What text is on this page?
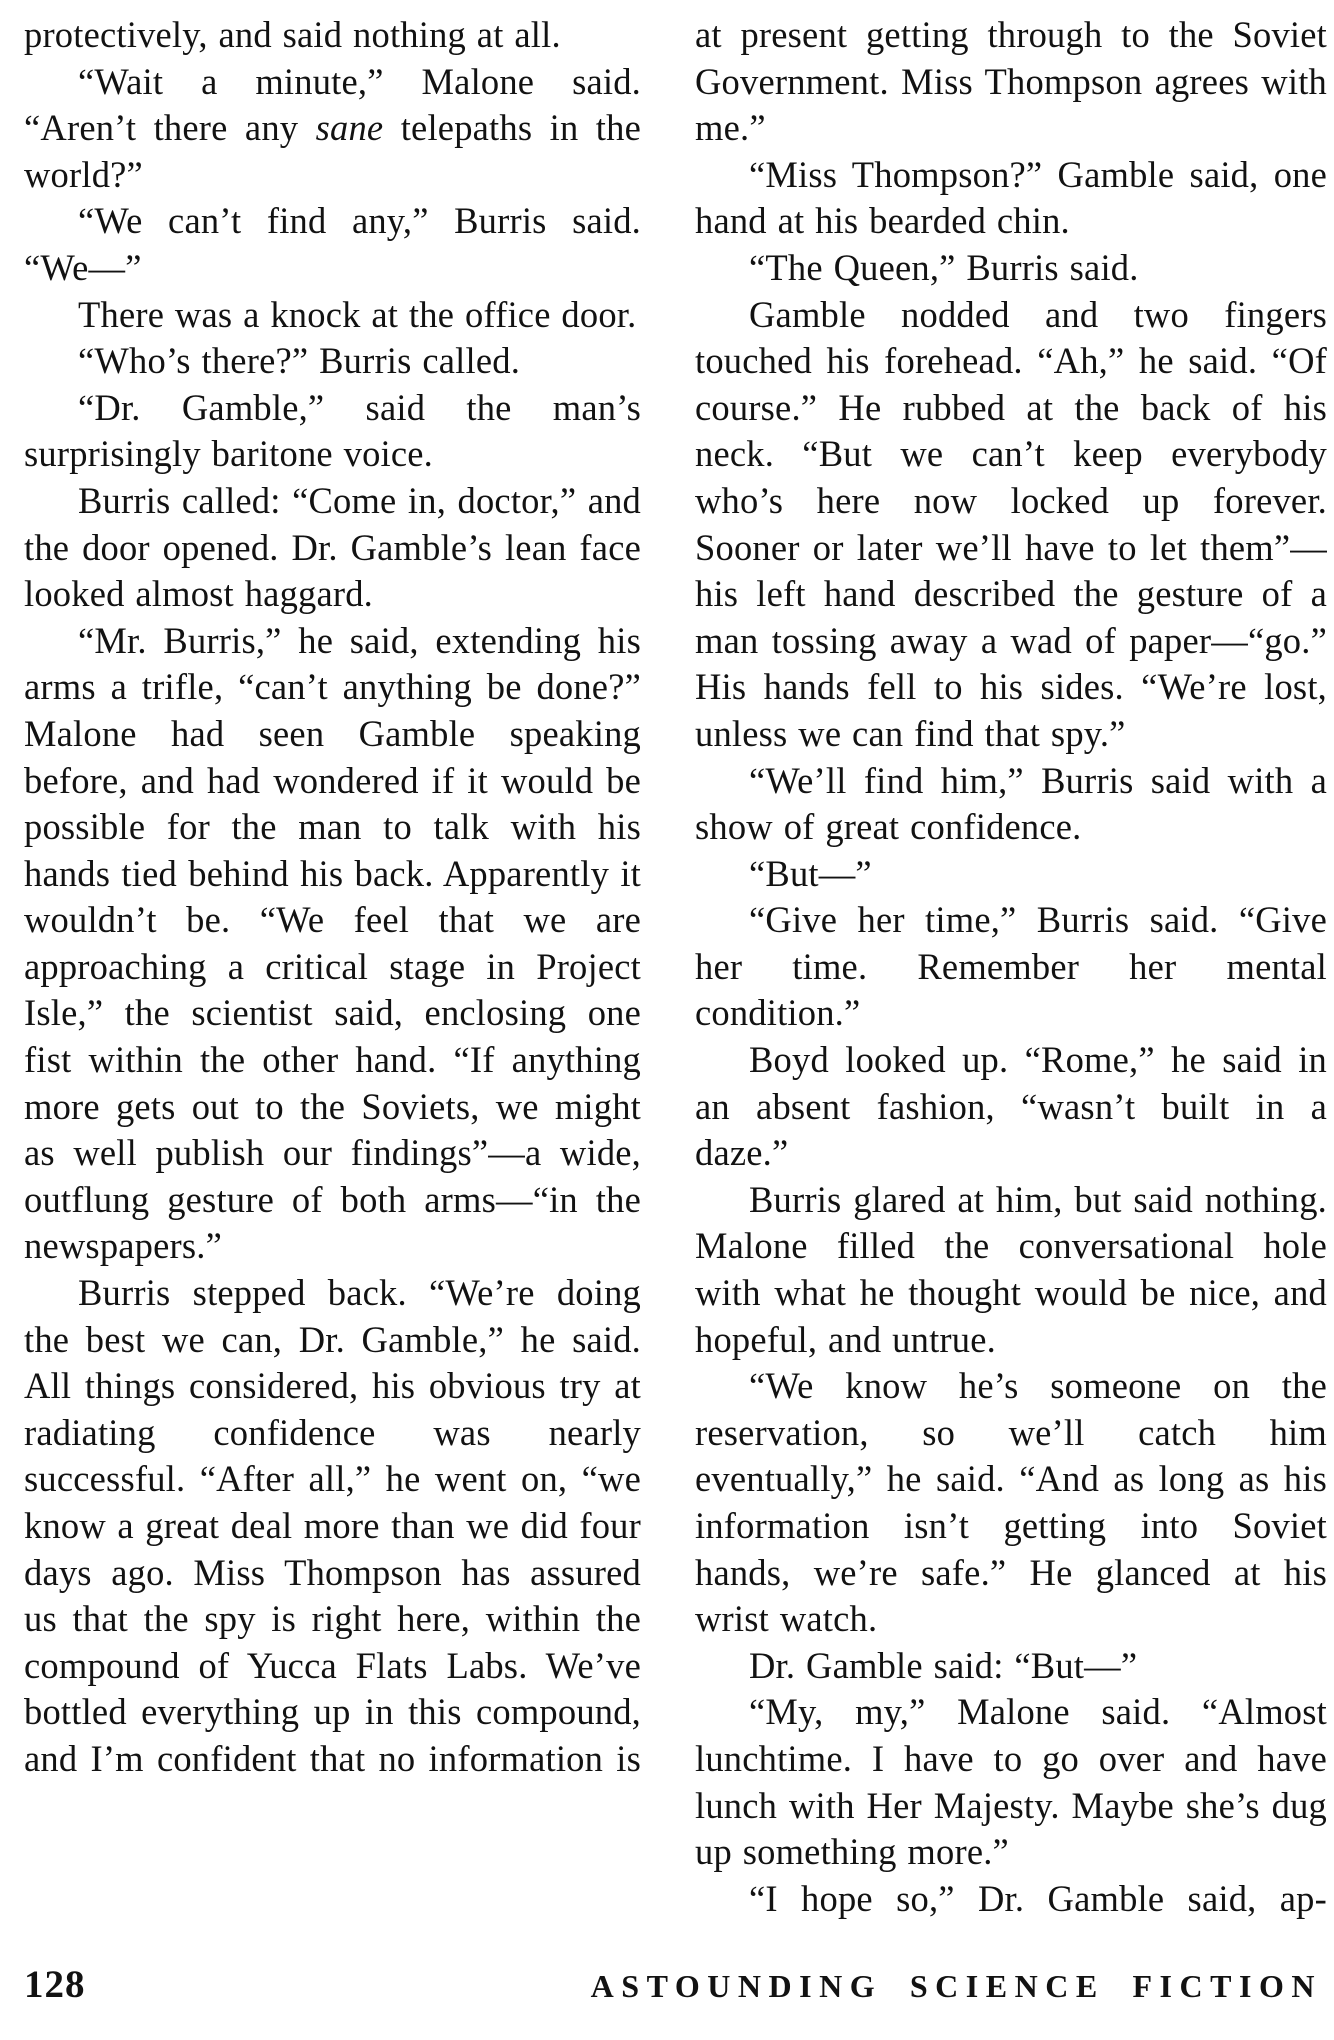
protectively, and said nothing at all.

“Wait a minute,” Malone said. “Aren’t there any sane telepaths in the world?”

“We can’t find any,” Burris said. “We—”

There was a knock at the office door.

“Who’s there?” Burris called.

“Dr. Gamble,” said the man’s surprisingly baritone voice.

Burris called: “Come in, doctor,” and the door opened. Dr. Gamble’s lean face looked almost haggard.

“Mr. Burris,” he said, extending his arms a trifle, “can’t anything be done?” Malone had seen Gamble speaking before, and had wondered if it would be possible for the man to talk with his hands tied behind his back. Apparently it wouldn’t be. “We feel that we are approaching a critical stage in Project Isle,” the scientist said, enclosing one fist within the other hand. “If anything more gets out to the Soviets, we might as well publish our findings”—a wide, outflung gesture of both arms—“in the newspapers.”

Burris stepped back. “We’re doing the best we can, Dr. Gamble,” he said. All things considered, his obvious try at radiating confidence was nearly successful. “After all,” he went on, “we know a great deal more than we did four days ago. Miss Thompson has assured us that the spy is right here, within the compound of Yucca Flats Labs. We’ve bottled everything up in this compound, and I’m confident that no information is

at present getting through to the Soviet Government. Miss Thompson agrees with me.”

“Miss Thompson?” Gamble said, one hand at his bearded chin.

“The Queen,” Burris said.

Gamble nodded and two fingers touched his forehead. “Ah,” he said. “Of course.” He rubbed at the back of his neck. “But we can’t keep everybody who’s here now locked up forever. Sooner or later we’ll have to let them”—his left hand described the gesture of a man tossing away a wad of paper—“go.” His hands fell to his sides. “We’re lost, unless we can find that spy.”

“We’ll find him,” Burris said with a show of great confidence.

“But—”

“Give her time,” Burris said. “Give her time. Remember her mental condition.”

Boyd looked up. “Rome,” he said in an absent fashion, “wasn’t built in a daze.”

Burris glared at him, but said nothing. Malone filled the conversational hole with what he thought would be nice, and hopeful, and untrue.

“We know he’s someone on the reservation, so we’ll catch him eventually,” he said. “And as long as his information isn’t getting into Soviet hands, we’re safe.” He glanced at his wrist watch.

Dr. Gamble said: “But—”

“My, my,” Malone said. “Almost lunchtime. I have to go over and have lunch with Her Majesty. Maybe she’s dug up something more.”

“I hope so,” Dr. Gamble said, ap-

128	ASTOUNDING SCIENCE FICTION
